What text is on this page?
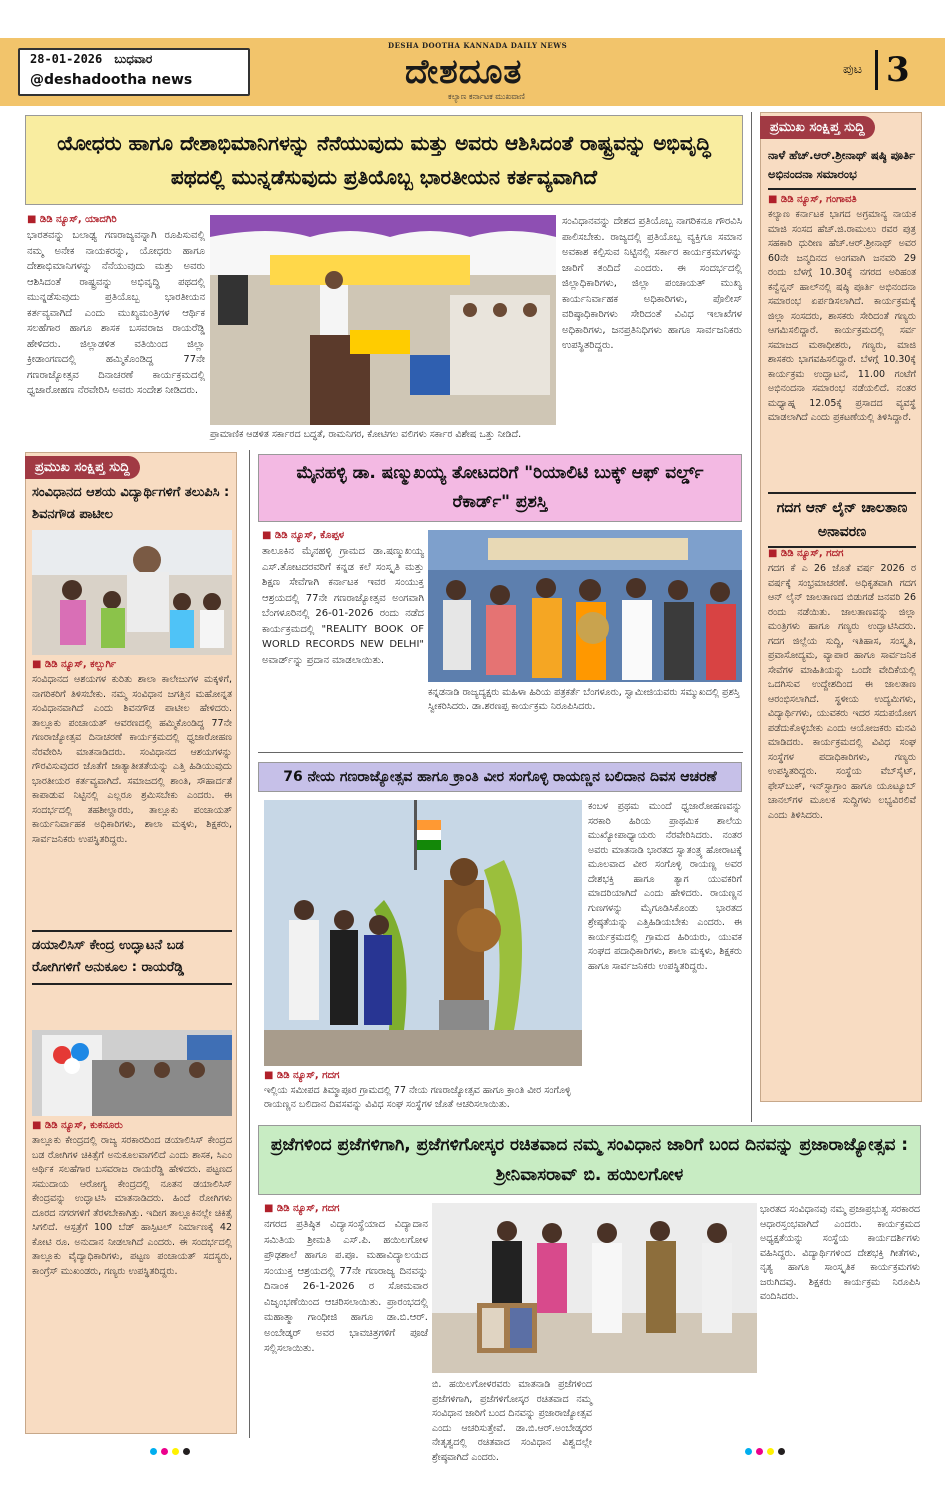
28-01-2026 ಬುಧವಾರ
@deshadootha news
DESHA DOOTHA KANNADA DAILY NEWS
ದೇಶದೂತ
ಕಲ್ಯಾಣ ಕರ್ನಾಟಕ ಮುಖವಾಣಿ
ಪುಟ 3
ಯೋಧರು ಹಾಗೂ ದೇಶಾಭಿಮಾನಿಗಳನ್ನು ನೆನೆಯುವುದು ಮತ್ತು ಅವರು ಆಶಿಸಿದಂತೆ ರಾಷ್ಟ್ರವನ್ನು ಅಭಿವೃದ್ಧಿ ಪಥದಲ್ಲಿ ಮುನ್ನಡೆಸುವುದು ಪ್ರತಿಯೊಬ್ಬ ಭಾರತೀಯನ ಕರ್ತವ್ಯವಾಗಿದೆ
■ ಡಿಡಿ ನ್ಯೂಸ್, ಯಾದಗಿರಿ
ಭಾರತವನ್ನು ಬಲಾಢ್ಯ ಗಣರಾಜ್ಯವನ್ನಾಗಿ ರೂಪಿಸುವಲ್ಲಿ ನಮ್ಮ ಅನೇಕ ನಾಯಕರನ್ನು, ಯೋಧರು ಹಾಗೂ ದೇಶಾಭಿಮಾನಿಗಳನ್ನು ನೆನೆಯುವುದು ಮತ್ತು ಅವರು ಆಶಿಸಿದಂತೆ ರಾಷ್ಟ್ರವನ್ನು ಅಭಿವೃದ್ಧಿ ಪಥದಲ್ಲಿ ಮುನ್ನಡೆಸುವುದು ಪ್ರತಿಯೊಬ್ಬ ಭಾರತೀಯನ ಕರ್ತವ್ಯವಾಗಿದೆ ಎಂದು ಮುಖ್ಯಮಂತ್ರಿಗಳ ಆರ್ಥಿಕ ಸಲಹೆಗಾರ ಹಾಗೂ ಶಾಸಕ ಬಸವರಾಜ ರಾಯರೆಡ್ಡಿ ಹೇಳಿದರು. ಜಿಲ್ಲಾಡಳಿತ ವತಿಯಿಂದ ಜಿಲ್ಲಾ ಕ್ರೀಡಾಂಗಣದಲ್ಲಿ ಹಮ್ಮಿಕೊಂಡಿದ್ದ 77ನೇ ಗಣರಾಜ್ಯೋತ್ಸವ ದಿನಾಚರಣೆ ಕಾರ್ಯಕ್ರಮದಲ್ಲಿ ಧ್ವಜಾರೋಹಣ ನೆರವೇರಿಸಿ ಅವರು ಸಂದೇಶ ನೀಡಿದರು.
ಪ್ರಾಮಾಣಿಕ ಆಡಳಿತ ಸರ್ಕಾರದ ಬದ್ಧತೆ, ರಾಮನಿಗರ, ಕೋಟಿಗಲ ವಲಿಗಳು ಸರ್ಕಾರ ವಿಶೇಷ ಒತ್ತು ನೀಡಿದೆ.
ಸಂವಿಧಾನವನ್ನು ದೇಶದ ಪ್ರತಿಯೊಬ್ಬ ನಾಗರಿಕನೂ ಗೌರವಿಸಿ ಪಾಲಿಸಬೇಕು. ರಾಜ್ಯದಲ್ಲಿ ಪ್ರತಿಯೊಬ್ಬ ವ್ಯಕ್ತಿಗೂ ಸಮಾನ ಅವಕಾಶ ಕಲ್ಪಿಸುವ ನಿಟ್ಟಿನಲ್ಲಿ ಸರ್ಕಾರ ಕಾರ್ಯಕ್ರಮಗಳನ್ನು ಜಾರಿಗೆ ತಂದಿದೆ ಎಂದರು. ಈ ಸಂದರ್ಭದಲ್ಲಿ ಜಿಲ್ಲಾಧಿಕಾರಿಗಳು, ಜಿಲ್ಲಾ ಪಂಚಾಯತ್ ಮುಖ್ಯ ಕಾರ್ಯನಿರ್ವಾಹಕ ಅಧಿಕಾರಿಗಳು, ಪೊಲೀಸ್ ವರಿಷ್ಠಾಧಿಕಾರಿಗಳು ಸೇರಿದಂತೆ ವಿವಿಧ ಇಲಾಖೆಗಳ ಅಧಿಕಾರಿಗಳು, ಜನಪ್ರತಿನಿಧಿಗಳು ಹಾಗೂ ಸಾರ್ವಜನಿಕರು ಉಪಸ್ಥಿತರಿದ್ದರು.
ಪ್ರಮುಖ ಸಂಕ್ಷಿಪ್ತ ಸುದ್ದಿ
ನಾಳೆ ಹೆಚ್.ಆರ್.ಶ್ರೀನಾಥ್ ಷಷ್ಠಿ ಪೂರ್ತಿ ಅಭಿನಂದನಾ ಸಮಾರಂಭ
■ ಡಿಡಿ ನ್ಯೂಸ್, ಗಂಗಾವತಿ
ಕಲ್ಯಾಣ ಕರ್ನಾಟಕ ಭಾಗದ ಅಗ್ರಮಾನ್ಯ ನಾಯಕ ಮಾಜಿ ಸಂಸದ ಹೆಚ್.ಜಿ.ರಾಮುಲು ರವರ ಪುತ್ರ ಸಹಕಾರಿ ಧುರೀಣ ಹೆಚ್.ಆರ್.ಶ್ರೀನಾಥ್ ಅವರ 60ನೇ ಜನ್ಮದಿನದ ಅಂಗವಾಗಿ ಜನವರಿ 29 ರಂದು ಬೆಳಗ್ಗೆ 10.30ಕ್ಕೆ ನಗರದ ಅರಿಹಂತ ಕನ್ವೆನ್ಷನ್ ಹಾಲ್‌ನಲ್ಲಿ ಷಷ್ಠಿ ಪೂರ್ತಿ ಅಭಿನಂದನಾ ಸಮಾರಂಭ ಏರ್ಪಡಿಸಲಾಗಿದೆ. ಕಾರ್ಯಕ್ರಮಕ್ಕೆ ಜಿಲ್ಲಾ ಸಂಸದರು, ಶಾಸಕರು ಸೇರಿದಂತೆ ಗಣ್ಯರು ಆಗಮಿಸಲಿದ್ದಾರೆ. ಕಾರ್ಯಕ್ರಮದಲ್ಲಿ ಸರ್ವ ಸಮಾಜದ ಮಠಾಧೀಶರು, ಗಣ್ಯರು, ಮಾಜಿ ಶಾಸಕರು ಭಾಗವಹಿಸಲಿದ್ದಾರೆ. ಬೆಳಗ್ಗೆ 10.30ಕ್ಕೆ ಕಾರ್ಯಕ್ರಮ ಉದ್ಘಾಟನೆ, 11.00 ಗಂಟೆಗೆ ಅಭಿನಂದನಾ ಸಮಾರಂಭ ನಡೆಯಲಿದೆ. ನಂತರ ಮಧ್ಯಾಹ್ನ 12.05ಕ್ಕೆ ಪ್ರಸಾದದ ವ್ಯವಸ್ಥೆ ಮಾಡಲಾಗಿದೆ ಎಂದು ಪ್ರಕಟಣೆಯಲ್ಲಿ ತಿಳಿಸಿದ್ದಾರೆ.
ಗದಗ ಆನ್ ಲೈನ್ ಚಾಲತಾಣ ಅನಾವರಣ
■ ಡಿಡಿ ನ್ಯೂಸ್, ಗದಗ
ಗದಗ ಕೆ ಎ 26 ಜೊತೆ ವರ್ಷ 2026 ರ ವರ್ಷಕ್ಕೆ ಸಂಭ್ರಮಾಚರಣೆ. ಅಧಿಕೃತವಾಗಿ ಗದಗ ಆನ್ ಲೈನ್ ಜಾಲತಾಣದ ಬಿಡುಗಡೆ ಜನವರಿ 26 ರಂದು ನಡೆಯಿತು. ಜಾಲತಾಣವನ್ನು ಜಿಲ್ಲಾ ಮಂತ್ರಿಗಳು ಹಾಗೂ ಗಣ್ಯರು ಉದ್ಘಾಟಿಸಿದರು. ಗದಗ ಜಿಲ್ಲೆಯ ಸುದ್ದಿ, ಇತಿಹಾಸ, ಸಂಸ್ಕೃತಿ, ಪ್ರವಾಸೋದ್ಯಮ, ವ್ಯಾಪಾರ ಹಾಗೂ ಸಾರ್ವಜನಿಕ ಸೇವೆಗಳ ಮಾಹಿತಿಯನ್ನು ಒಂದೇ ವೇದಿಕೆಯಲ್ಲಿ ಒದಗಿಸುವ ಉದ್ದೇಶದಿಂದ ಈ ಜಾಲತಾಣ ಆರಂಭಿಸಲಾಗಿದೆ. ಸ್ಥಳೀಯ ಉದ್ಯಮಿಗಳು, ವಿದ್ಯಾರ್ಥಿಗಳು, ಯುವಕರು ಇದರ ಸದುಪಯೋಗ ಪಡೆದುಕೊಳ್ಳಬೇಕು ಎಂದು ಆಯೋಜಕರು ಮನವಿ ಮಾಡಿದರು. ಕಾರ್ಯಕ್ರಮದಲ್ಲಿ ವಿವಿಧ ಸಂಘ ಸಂಸ್ಥೆಗಳ ಪದಾಧಿಕಾರಿಗಳು, ಗಣ್ಯರು ಉಪಸ್ಥಿತರಿದ್ದರು. ಸಂಸ್ಥೆಯ ವೆಬ್‌ಸೈಟ್, ಫೇಸ್‌ಬುಕ್, ಇನ್‌ಸ್ಟಾಗ್ರಾಂ ಹಾಗೂ ಯೂಟ್ಯೂಬ್ ಚಾನಲ್‌ಗಳ ಮೂಲಕ ಸುದ್ದಿಗಳು ಲಭ್ಯವಿರಲಿವೆ ಎಂದು ತಿಳಿಸಿದರು.
ಪ್ರಮುಖ ಸಂಕ್ಷಿಪ್ತ ಸುದ್ದಿ
ಸಂವಿಧಾನದ ಆಶಯ ವಿದ್ಯಾರ್ಥಿಗಳಿಗೆ ತಲುಪಿಸಿ : ಶಿವನಗೌಡ ಪಾಟೀಲ
■ ಡಿಡಿ ನ್ಯೂಸ್, ಕಲ್ಬುರ್ಗಿ
ಸಂವಿಧಾನದ ಆಶಯಗಳ ಕುರಿತು ಶಾಲಾ ಕಾಲೇಜುಗಳ ಮಕ್ಕಳಿಗೆ, ನಾಗರಿಕರಿಗೆ ತಿಳಿಸಬೇಕು. ನಮ್ಮ ಸಂವಿಧಾನ ಜಗತ್ತಿನ ಮಹೋನ್ನತ ಸಂವಿಧಾನವಾಗಿದೆ ಎಂದು ಶಿವನಗೌಡ ಪಾಟೀಲ ಹೇಳಿದರು. ತಾಲ್ಲೂಕು ಪಂಚಾಯತ್ ಆವರಣದಲ್ಲಿ ಹಮ್ಮಿಕೊಂಡಿದ್ದ 77ನೇ ಗಣರಾಜ್ಯೋತ್ಸವ ದಿನಾಚರಣೆ ಕಾರ್ಯಕ್ರಮದಲ್ಲಿ ಧ್ವಜಾರೋಹಣ ನೆರವೇರಿಸಿ ಮಾತನಾಡಿದರು. ಸಂವಿಧಾನದ ಆಶಯಗಳನ್ನು ಗೌರವಿಸುವುದರ ಜೊತೆಗೆ ಜಾತ್ಯಾತೀತತೆಯನ್ನು ಎತ್ತಿ ಹಿಡಿಯುವುದು ಭಾರತೀಯರ ಕರ್ತವ್ಯವಾಗಿದೆ. ಸಮಾಜದಲ್ಲಿ ಶಾಂತಿ, ಸೌಹಾರ್ದತೆ ಕಾಪಾಡುವ ನಿಟ್ಟಿನಲ್ಲಿ ಎಲ್ಲರೂ ಶ್ರಮಿಸಬೇಕು ಎಂದರು. ಈ ಸಂದರ್ಭದಲ್ಲಿ ತಹಶೀಲ್ದಾರರು, ತಾಲ್ಲೂಕು ಪಂಚಾಯತ್ ಕಾರ್ಯನಿರ್ವಾಹಕ ಅಧಿಕಾರಿಗಳು, ಶಾಲಾ ಮಕ್ಕಳು, ಶಿಕ್ಷಕರು, ಸಾರ್ವಜನಿಕರು ಉಪಸ್ಥಿತರಿದ್ದರು.
ಡಯಾಲಿಸಿಸ್ ಕೇಂದ್ರ ಉದ್ಘಾಟನೆ ಬಡ ರೋಗಿಗಳಿಗೆ ಅನುಕೂಲ : ರಾಯರೆಡ್ಡಿ
■ ಡಿಡಿ ನ್ಯೂಸ್, ಕುಕನೂರು
ತಾಲ್ಲೂಕು ಕೇಂದ್ರದಲ್ಲಿ ರಾಜ್ಯ ಸರಕಾರದಿಂದ ಡಯಾಲಿಸಿಸ್ ಕೇಂದ್ರದ ಬಡ ರೋಗಿಗಳ ಚಿಕಿತ್ಸೆಗೆ ಅನುಕೂಲವಾಗಲಿದೆ ಎಂದು ಶಾಸಕ, ಸಿಎಂ ಆರ್ಥಿಕ ಸಲಹೆಗಾರ ಬಸವರಾಜ ರಾಯರೆಡ್ಡಿ ಹೇಳಿದರು. ಪಟ್ಟಣದ ಸಮುದಾಯ ಆರೋಗ್ಯ ಕೇಂದ್ರದಲ್ಲಿ ನೂತನ ಡಯಾಲಿಸಿಸ್ ಕೇಂದ್ರವನ್ನು ಉದ್ಘಾಟಿಸಿ ಮಾತನಾಡಿದರು. ಹಿಂದೆ ರೋಗಿಗಳು ದೂರದ ನಗರಗಳಿಗೆ ತೆರಳಬೇಕಾಗಿತ್ತು. ಇದೀಗ ತಾಲ್ಲೂಕಿನಲ್ಲೇ ಚಿಕಿತ್ಸೆ ಸಿಗಲಿದೆ. ಆಸ್ಪತ್ರೆಗೆ 100 ಬೆಡ್ ಹಾಸ್ಪಿಟಲ್ ನಿರ್ಮಾಣಕ್ಕೆ 42 ಕೋಟಿ ರೂ. ಅನುದಾನ ನೀಡಲಾಗಿದೆ ಎಂದರು. ಈ ಸಂದರ್ಭದಲ್ಲಿ ತಾಲ್ಲೂಕು ವೈದ್ಯಾಧಿಕಾರಿಗಳು, ಪಟ್ಟಣ ಪಂಚಾಯತ್ ಸದಸ್ಯರು, ಕಾಂಗ್ರೆಸ್ ಮುಖಂಡರು, ಗಣ್ಯರು ಉಪಸ್ಥಿತರಿದ್ದರು.
ಮೈನಹಳ್ಳಿ ಡಾ. ಷಣ್ಮುಖಯ್ಯ ತೋಟದರಿಗೆ "ರಿಯಾಲಿಟಿ ಬುಕ್ಕ್ ಆಫ್ ವರ್ಲ್ಡ್ ರೆಕಾರ್ಡ್" ಪ್ರಶಸ್ತಿ
■ ಡಿಡಿ ನ್ಯೂಸ್, ಕೊಪ್ಪಳ
ತಾಲೂಕಿನ ಮೈನಹಳ್ಳಿ ಗ್ರಾಮದ ಡಾ.ಷಣ್ಮುಖಯ್ಯ ಎಸ್.ತೋಟದರವರಿಗೆ ಕನ್ನಡ ಕಲೆ ಸಂಸ್ಕೃತಿ ಮತ್ತು ಶಿಕ್ಷಣ ಸೇವೆಗಾಗಿ ಕರ್ನಾಟಕ ಇವರ ಸಂಯುಕ್ತ ಆಶ್ರಯದಲ್ಲಿ 77ನೇ ಗಣರಾಜ್ಯೋತ್ಸವ ಅಂಗವಾಗಿ ಬೆಂಗಳೂರಿನಲ್ಲಿ 26-01-2026 ರಂದು ನಡೆದ ಕಾರ್ಯಕ್ರಮದಲ್ಲಿ "REALITY BOOK OF WORLD RECORDS NEW DELHI" ಅವಾರ್ಡ್‌ನ್ನು ಪ್ರದಾನ ಮಾಡಲಾಯಿತು.
ಕನ್ನಡನಾಡಿ ರಾಜ್ಯದ್ಯಕ್ಷರು ಮಹಿಳಾ ಹಿರಿಯ ಪತ್ರಕರ್ತೆ ಬೆಂಗಳೂರು, ಸ್ವಾಮೀಜಿಯವರು ಸಮ್ಮುಖದಲ್ಲಿ ಪ್ರಶಸ್ತಿ ಸ್ವೀಕರಿಸಿದರು. ಡಾ.ಶರಣಪ್ಪ ಕಾರ್ಯಕ್ರಮ ನಿರೂಪಿಸಿದರು.
76 ನೇಯ ಗಣರಾಜ್ಯೋತ್ಸವ ಹಾಗೂ ಕ್ರಾಂತಿ ವೀರ ಸಂಗೊಳ್ಳಿ ರಾಯಣ್ಣನ ಬಲಿದಾನ ದಿವಸ ಆಚರಣೆ
■ ಡಿಡಿ ನ್ಯೂಸ್, ಗದಗ
ಇಲ್ಲಿಯ ಸಮೀಪದ ತಿಮ್ಮಾಪೂರ ಗ್ರಾಮದಲ್ಲಿ 77 ನೇಯ ಗಣರಾಜ್ಯೋತ್ಸವ ಹಾಗೂ ಕ್ರಾಂತಿ ವೀರ ಸಂಗೊಳ್ಳಿ ರಾಯಣ್ಣನ ಬಲಿದಾನ ದಿವಸವನ್ನು ವಿವಿಧ ಸಂಘ ಸಂಸ್ಥೆಗಳ ಜೊತೆ ಆಚರಿಸಲಾಯಿತು.
ಕಂಬಳ ಪ್ರಥಮ ಮುಂದೆ ಧ್ವಜಾರೋಹಣವನ್ನು ಸರಕಾರಿ ಹಿರಿಯ ಪ್ರಾಥಮಿಕ ಶಾಲೆಯ ಮುಖ್ಯೋಪಾಧ್ಯಾಯರು ನೆರವೇರಿಸಿದರು. ನಂತರ ಅವರು ಮಾತನಾಡಿ ಭಾರತದ ಸ್ವಾತಂತ್ರ್ಯ ಹೋರಾಟಕ್ಕೆ ಮೂಲವಾದ ವೀರ ಸಂಗೊಳ್ಳಿ ರಾಯಣ್ಣ ಅವರ ದೇಶಭಕ್ತಿ ಹಾಗೂ ತ್ಯಾಗ ಯುವಕರಿಗೆ ಮಾದರಿಯಾಗಿದೆ ಎಂದು ಹೇಳಿದರು. ರಾಯಣ್ಣನ ಗುಣಗಳನ್ನು ಮೈಗೂಡಿಸಿಕೊಂಡು ಭಾರತದ ಶ್ರೇಷ್ಠತೆಯನ್ನು ಎತ್ತಿಹಿಡಿಯಬೇಕು ಎಂದರು. ಈ ಕಾರ್ಯಕ್ರಮದಲ್ಲಿ ಗ್ರಾಮದ ಹಿರಿಯರು, ಯುವಕ ಸಂಘದ ಪದಾಧಿಕಾರಿಗಳು, ಶಾಲಾ ಮಕ್ಕಳು, ಶಿಕ್ಷಕರು ಹಾಗೂ ಸಾರ್ವಜನಿಕರು ಉಪಸ್ಥಿತರಿದ್ದರು.
ಪ್ರಜೆಗಳಿಂದ ಪ್ರಜೆಗಳಿಗಾಗಿ, ಪ್ರಜೆಗಳಿಗೋಸ್ಕರ ರಚಿತವಾದ ನಮ್ಮ ಸಂವಿಧಾನ ಜಾರಿಗೆ ಬಂದ ದಿನವನ್ನು ಪ್ರಜಾರಾಜ್ಯೋತ್ಸವ : ಶ್ರೀನಿವಾಸರಾವ್ ಬಿ. ಹಯಿಲಗೋಳ
■ ಡಿಡಿ ನ್ಯೂಸ್, ಗದಗ
ನಗರದ ಪ್ರತಿಷ್ಠಿತ ವಿದ್ಯಾಸಂಸ್ಥೆಯಾದ ವಿದ್ಯಾದಾನ ಸಮಿತಿಯ ಶ್ರೀಮತಿ ಎಸ್.ಪಿ. ಹಯಿಲಗೋಳ ಪ್ರೌಢಶಾಲೆ ಹಾಗೂ ಪ.ಪೂ. ಮಹಾವಿದ್ಯಾಲಯದ ಸಂಯುಕ್ತ ಆಶ್ರಯದಲ್ಲಿ 77ನೇ ಗಣರಾಜ್ಯ ದಿನವನ್ನು ದಿನಾಂಕ 26-1-2026 ರ ಸೋಮವಾರ ವಿಜೃಂಭಣೆಯಿಂದ ಆಚರಿಸಲಾಯಿತು. ಪ್ರಾರಂಭದಲ್ಲಿ ಮಹಾತ್ಮಾ ಗಾಂಧೀಜಿ ಹಾಗೂ ಡಾ.ಬಿ.ಆರ್. ಅಂಬೇಡ್ಕರ್ ಅವರ ಭಾವಚಿತ್ರಗಳಿಗೆ ಪೂಜೆ ಸಲ್ಲಿಸಲಾಯಿತು.
ಬಿ. ಹಯಿಲಗೋಳರವರು ಮಾತನಾಡಿ ಪ್ರಜೆಗಳಿಂದ ಪ್ರಜೆಗಳಿಗಾಗಿ, ಪ್ರಜೆಗಳಿಗೋಸ್ಕರ ರಚಿತವಾದ ನಮ್ಮ ಸಂವಿಧಾನ ಜಾರಿಗೆ ಬಂದ ದಿನವನ್ನು ಪ್ರಜಾರಾಜ್ಯೋತ್ಸವ ಎಂದು ಆಚರಿಸುತ್ತೇವೆ. ಡಾ.ಬಿ.ಆರ್.ಅಂಬೇಡ್ಕರರ ನೇತೃತ್ವದಲ್ಲಿ ರಚಿತವಾದ ಸಂವಿಧಾನ ವಿಶ್ವದಲ್ಲೇ ಶ್ರೇಷ್ಠವಾಗಿದೆ ಎಂದರು.
ಭಾರತದ ಸಂವಿಧಾನವು ನಮ್ಮ ಪ್ರಜಾಪ್ರಭುತ್ವ ಸರಕಾರದ ಆಧಾರಸ್ತಂಭವಾಗಿದೆ ಎಂದರು. ಕಾರ್ಯಕ್ರಮದ ಅಧ್ಯಕ್ಷತೆಯನ್ನು ಸಂಸ್ಥೆಯ ಕಾರ್ಯದರ್ಶಿಗಳು ವಹಿಸಿದ್ದರು. ವಿದ್ಯಾರ್ಥಿಗಳಿಂದ ದೇಶಭಕ್ತಿ ಗೀತೆಗಳು, ನೃತ್ಯ ಹಾಗೂ ಸಾಂಸ್ಕೃತಿಕ ಕಾರ್ಯಕ್ರಮಗಳು ಜರುಗಿದವು. ಶಿಕ್ಷಕರು ಕಾರ್ಯಕ್ರಮ ನಿರೂಪಿಸಿ ವಂದಿಸಿದರು.
